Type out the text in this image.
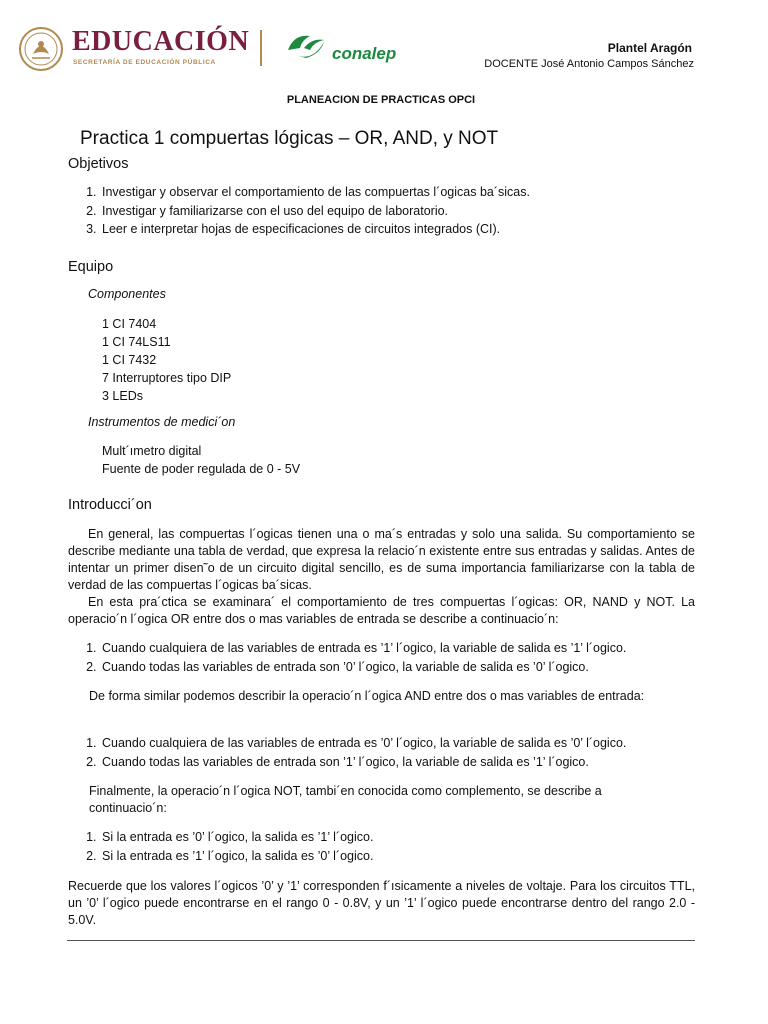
EDUCACIÓN
SECRETARÍA DE EDUCACIÓN PÚBLICA	conalep	Plantel Aragón
DOCENTE José Antonio Campos Sánchez
PLANEACION DE PRACTICAS OPCI
Practica 1 compuertas lógicas – OR, AND, y NOT
Objetivos
1. Investigar y observar el comportamiento de las compuertas l´ogicas ba´sicas.
2. Investigar y familiarizarse con el uso del equipo de laboratorio.
3. Leer e interpretar hojas de especificaciones de circuitos integrados (CI).
Equipo
Componentes
1 CI 7404
1 CI 74LS11
1 CI 7432
7 Interruptores tipo DIP
3 LEDs
Instrumentos de medici´on
Mult´ımetro digital
Fuente de poder regulada de 0 - 5V
Introducci´on
En general, las compuertas l´ogicas tienen una o ma´s entradas y solo una salida. Su comportamiento se describe mediante una tabla de verdad, que expresa la relacio´n existente entre sus entradas y salidas. Antes de intentar un primer disen˜o de un circuito digital sencillo, es de suma importancia familiarizarse con la tabla de verdad de las compuertas l´ogicas ba´sicas.
En esta pra´ctica se examinara´ el comportamiento de tres compuertas l´ogicas: OR, NAND y NOT. La operacio´n l´ogica OR entre dos o mas variables de entrada se describe a continuacio´n:
1. Cuando cualquiera de las variables de entrada es ’1’ l´ogico, la variable de salida es ’1’ l´ogico.
2. Cuando todas las variables de entrada son ’0’ l´ogico, la variable de salida es ’0’ l´ogico.
De forma similar podemos describir la operacio´n l´ogica AND entre dos o mas variables de entrada:
1. Cuando cualquiera de las variables de entrada es ’0’ l´ogico, la variable de salida es ’0’ l´ogico.
2. Cuando todas las variables de entrada son ’1’ l´ogico, la variable de salida es ’1’ l´ogico.
Finalmente, la operacio´n l´ogica NOT, tambi´en conocida como complemento, se describe a continuacio´n:
1. Si la entrada es ’0’ l´ogico, la salida es ’1’ l´ogico.
2. Si la entrada es ’1’ l´ogico, la salida es ’0’ l´ogico.
Recuerde que los valores l´ogicos ’0’ y ’1’ corresponden f´ısicamente a niveles de voltaje. Para los circuitos TTL, un ’0’ l´ogico puede encontrarse en el rango 0 - 0.8V, y un ’1’ l´ogico puede encontrarse dentro del rango 2.0 - 5.0V.
